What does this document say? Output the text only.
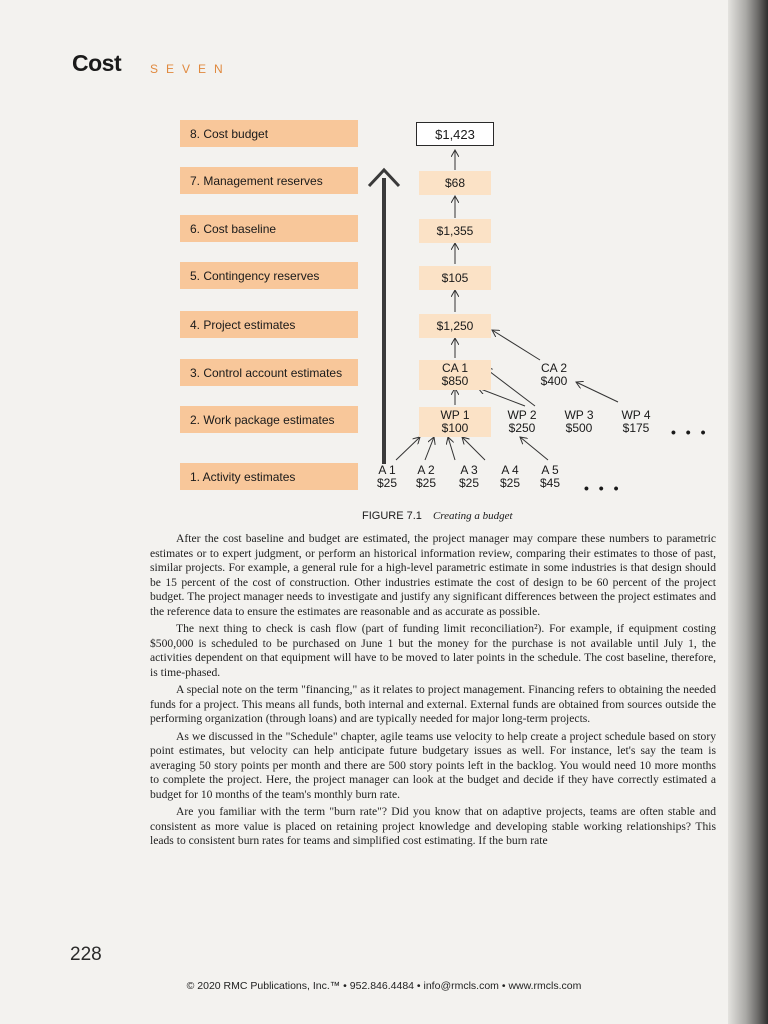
Cost SEVEN
8. Cost budget
7. Management reserves
6. Cost baseline
5. Contingency reserves
4. Project estimates
3. Control account estimates
2. Work package estimates
1. Activity estimates
$1,423
$68
$1,355
$105
$1,250
CA 1
$850
CA 2
$400
WP 1
$100
WP 2
$250
WP 3
$500
WP 4
$175	• • •
A 1
$25
A 2
$25
A 3
$25
A 4
$25
A 5
$45	• • •
FIGURE 7.1 Creating a budget

After the cost baseline and budget are estimated, the project manager may compare these numbers to parametric estimates or to expert judgment, or perform an historical information review, comparing their estimates to those of past, similar projects. For example, a general rule for a high-level parametric estimate in some industries is that design should be 15 percent of the cost of construction. Other industries estimate the cost of design to be 60 percent of the project budget. The project manager needs to investigate and justify any significant differences between the project estimates and the reference data to ensure the estimates are reasonable and as accurate as possible.

The next thing to check is cash flow (part of funding limit reconciliation²). For example, if equipment costing $500,000 is scheduled to be purchased on June 1 but the money for the purchase is not available until July 1, the activities dependent on that equipment will have to be moved to later points in the schedule. The cost baseline, therefore, is time-phased.

A special note on the term "financing," as it relates to project management. Financing refers to obtaining the needed funds for a project. This means all funds, both internal and external. External funds are obtained from sources outside the performing organization (through loans) and are typically needed for major long-term projects.

As we discussed in the "Schedule" chapter, agile teams use velocity to help create a project schedule based on story point estimates, but velocity can help anticipate future budgetary issues as well. For instance, let's say the team is averaging 50 story points per month and there are 500 story points left in the backlog. You would need 10 more months to complete the project. Here, the project manager can look at the budget and decide if they have correctly estimated a budget for 10 months of the team's monthly burn rate.

Are you familiar with the term "burn rate"? Did you know that on adaptive projects, teams are often stable and consistent as more value is placed on retaining project knowledge and developing stable working relationships? This leads to consistent burn rates for teams and simplified cost estimating. If the burn rate

228
© 2020 RMC Publications, Inc.™ • 952.846.4484 • info@rmcls.com • www.rmcls.com
